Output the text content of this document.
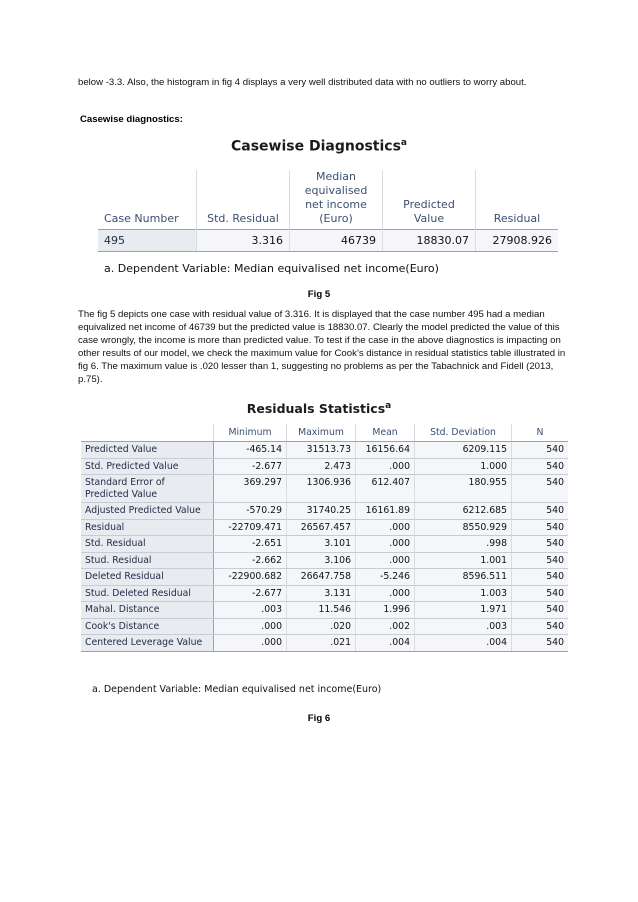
below -3.3. Also, the histogram in fig 4 displays a very well distributed data with no outliers to worry about.
Casewise diagnostics:
Casewise Diagnostics$^a$
Case Number	Std. Residual	Median equivalised net income (Euro)	Predicted Value	Residual
495	3.316	46739	18830.07	27908.926
a. Dependent Variable: Median equivalised net income(Euro)
Fig 5
The fig 5 depicts one case with residual value of 3.316. It is displayed that the case number 495 had a median equivalized net income of 46739 but the predicted value is 18830.07. Clearly the model predicted the value of this case wrongly, the income is more than predicted value. To test if the case in the above diagnostics is impacting on other results of our model, we check the maximum value for Cook’s distance in residual statistics table illustrated in fig 6. The maximum value is .020 lesser than 1, suggesting no problems as per the Tabachnick and Fidell (2013, p.75).
Residuals Statistics$^a$
	Minimum	Maximum	Mean	Std. Deviation	N
Predicted Value	-465.14	31513.73	16156.64	6209.115	540
Std. Predicted Value	-2.677	2.473	.000	1.000	540
Standard Error of Predicted Value	369.297	1306.936	612.407	180.955	540
Adjusted Predicted Value	-570.29	31740.25	16161.89	6212.685	540
Residual	-22709.471	26567.457	.000	8550.929	540
Std. Residual	-2.651	3.101	.000	.998	540
Stud. Residual	-2.662	3.106	.000	1.001	540
Deleted Residual	-22900.682	26647.758	-5.246	8596.511	540
Stud. Deleted Residual	-2.677	3.131	.000	1.003	540
Mahal. Distance	.003	11.546	1.996	1.971	540
Cook's Distance	.000	.020	.002	.003	540
Centered Leverage Value	.000	.021	.004	.004	540
a. Dependent Variable: Median equivalised net income(Euro)
Fig 6
